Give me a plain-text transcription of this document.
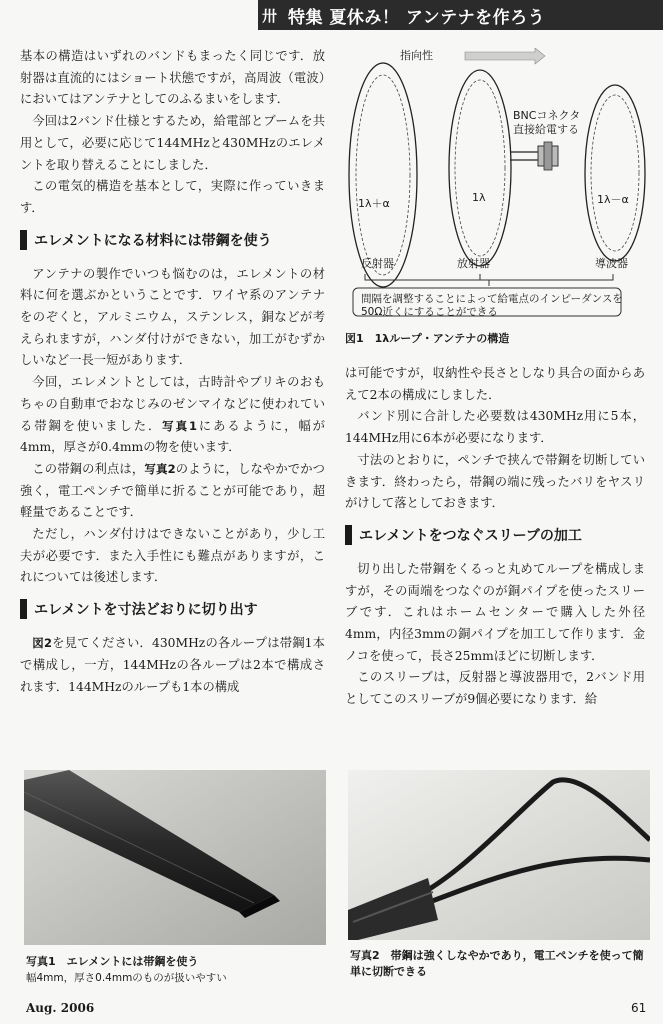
卅 特集 夏休み！ アンテナを作ろう

基本の構造はいずれのバンドもまったく同じです．放射器は直流的にはショート状態ですが，高周波（電波）においてはアンテナとしてのふるまいをします．

今回は2バンド仕様とするため，給電部とブームを共用として，必要に応じて144MHzと430MHzのエレメントを取り替えることにしました．

この電気的構造を基本として，実際に作っていきます．

エレメントになる材料には帯鋼を使う

アンテナの製作でいつも悩むのは，エレメントの材料に何を選ぶかということです．ワイヤ系のアンテナをのぞくと，アルミニウム，ステンレス，銅などが考えられますが，ハンダ付けができない，加工がむずかしいなど一長一短があります．

今回，エレメントとしては，古時計やブリキのおもちゃの自動車でおなじみのゼンマイなどに使われている帯鋼を使いました．写真1にあるように，幅が4mm，厚さが0.4mmの物を使います．

この帯鋼の利点は，写真2のように，しなやかでかつ強く，電工ペンチで簡単に折ることが可能であり，超軽量であることです．

ただし，ハンダ付けはできないことがあり，少し工夫が必要です．また入手性にも難点がありますが，これについては後述します．

エレメントを寸法どおりに切り出す

図2を見てください．430MHzの各ループは帯鋼1本で構成し，一方，144MHzの各ループは2本で構成されます．144MHzのループも1本の構成

指向性
BNCコネクタ
直接給電する
1λ＋α	1λ	1λ－α
反射器	放射器	導波器
間隔を調整することによって給電点のインピーダンスを
50Ω近くにすることができる
図1　1λループ・アンテナの構造

は可能ですが，収納性や長さとしなり具合の面からあえて2本の構成にしました．

バンド別に合計した必要数は430MHz用に5本，144MHz用に6本が必要になります．

寸法のとおりに，ペンチで挟んで帯鋼を切断していきます．終わったら，帯鋼の端に残ったバリをヤスリがけして落としておきます．

エレメントをつなぐスリーブの加工

切り出した帯鋼をくるっと丸めてループを構成しますが，その両端をつなぐのが銅パイプを使ったスリーブです．これはホームセンターで購入した外径4mm，内径3mmの銅パイプを加工して作ります．金ノコを使って，長さ25mmほどに切断します．

このスリーブは，反射器と導波器用で，2バンド用としてこのスリーブが9個必要になります．給

写真1　エレメントには帯鋼を使う
幅4mm，厚さ0.4mmのものが扱いやすい
写真2　帯鋼は強くしなやかであり，電工ペンチを使って簡単に切断できる
Aug. 2006	61
